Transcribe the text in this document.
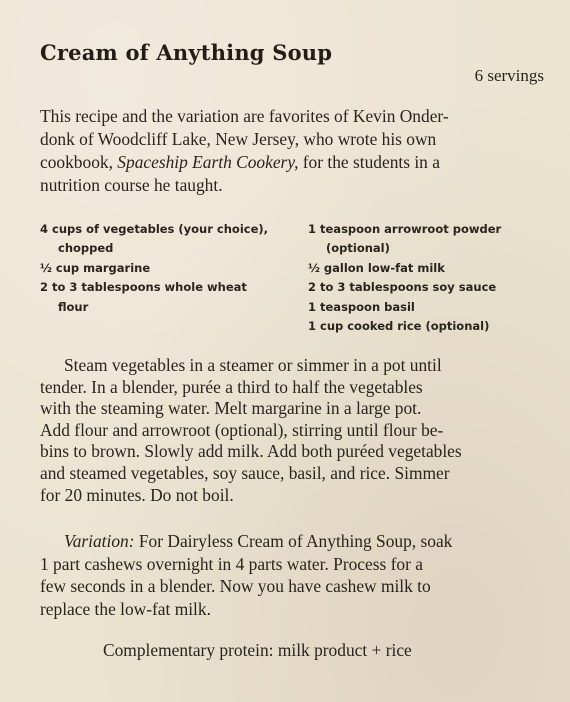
Cream of Anything Soup
6 servings
This recipe and the variation are favorites of Kevin Onder-
donk of Woodcliff Lake, New Jersey, who wrote his own
cookbook, Spaceship Earth Cookery, for the students in a
nutrition course he taught.
4 cups of vegetables (your choice), chopped
½ cup margarine
2 to 3 tablespoons whole wheat flour
1 teaspoon arrowroot powder (optional)
½ gallon low-fat milk
2 to 3 tablespoons soy sauce
1 teaspoon basil
1 cup cooked rice (optional)
Steam vegetables in a steamer or simmer in a pot until
tender. In a blender, purée a third to half the vegetables
with the steaming water. Melt margarine in a large pot.
Add flour and arrowroot (optional), stirring until flour be-
bins to brown. Slowly add milk. Add both puréed vegetables
and steamed vegetables, soy sauce, basil, and rice. Simmer
for 20 minutes. Do not boil.
Variation: For Dairyless Cream of Anything Soup, soak
1 part cashews overnight in 4 parts water. Process for a
few seconds in a blender. Now you have cashew milk to
replace the low-fat milk.
Complementary protein: milk product + rice
